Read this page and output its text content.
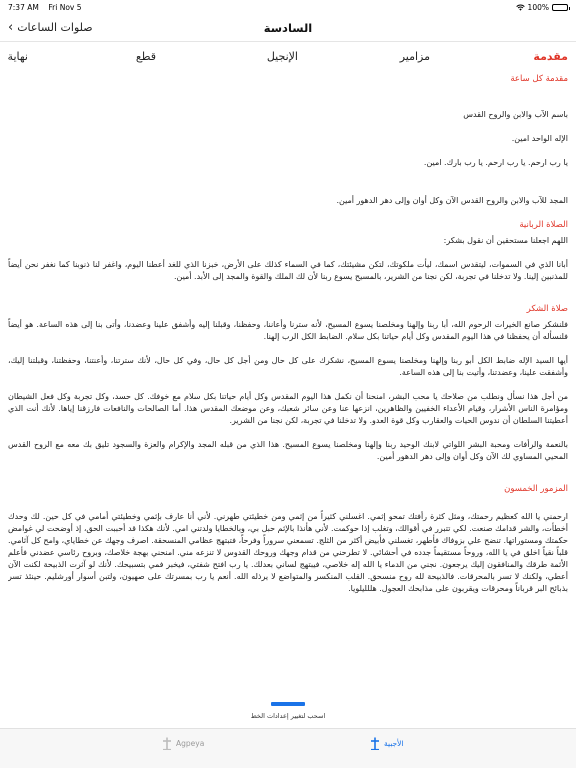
7:37 AM Fri Nov 5	100%
‹ صلوات الساعات	السادسة
مقدمة
مزامير
الإنجيل
قطع
نهاية
مقدمة كل ساعة

باسم الآب والابن والروح القدس

الإله الواحد امين.

يا رب ارحم. يا رب ارحم. يا رب بارك. امين.

المجد للآب والابن والروح القدس الآن وكل أوان وإلى دهر الدهور أمين.

الصلاة الربانية

اللهم اجعلنا مستحقين أن نقول بشكر:

أبانا الذي في السموات، ليتقدس اسمك، ليأت ملكوتك، لتكن مشيئتك، كما في السماء كذلك على الأرض، خبزنا الذي للغد أعطنا اليوم، واغفر لنا ذنوبنا كما نغفر نحن أيضاً للمذنبين إلينا. ولا تدخلنا في تجربة، لكن نجنا من الشرير، بالمسيح يسوع ربنا لأن لك الملك والقوة والمجد إلى الأبد. أمين.

صلاة الشكر

فلنشكر صانع الخيرات الرحوم الله، أبا ربنا وإلهنا ومخلصنا يسوع المسيح، لأنه سترنا وأعاننا، وحفظنا، وقبلنا إليه وأشفق علينا وعضدنا، وأتى بنا إلى هذه الساعة. هو أيضاً فلنسأله أن يحفظنا في هذا اليوم المقدس وكل أيام حياتنا بكل سلام. الضابط الكل الرب إلهنا.

أيها السيد الإله ضابط الكل أبو ربنا وإلهنا ومخلصنا يسوع المسيح، نشكرك على كل حال ومن أجل كل حال، وفي كل حال، لأنك سترتنا، وأعنتنا، وحفظتنا، وقبلتنا إليك، وأشفقت علينا، وعضدتنا، وأتيت بنا إلى هذه الساعة.

من أجل هذا نسأل ونطلب من صلاحك يا محب البشر، امنحنا أن نكمل هذا اليوم المقدس وكل أيام حياتنا بكل سلام مع خوفك. كل حسد، وكل تجربة وكل فعل الشيطان ومؤامرة الناس الأشرار، وقيام الأعداء الخفيين والظاهرين، انزعها عنا وعن سائر شعبك، وعن موضعك المقدس هذا. أما الصالحات والنافعات فارزقنا إياها. لأنك أنت الذي أعطيتنا السلطان أن ندوس الحيات والعقارب وكل قوة العدو. ولا تدخلنا في تجربة، لكن نجنا من الشرير.

بالنعمة والرأفات ومحبة البشر اللواتي لابنك الوحيد ربنا وإلهنا ومخلصنا يسوع المسيح. هذا الذي من قبله المجد والإكرام والعزة والسجود تليق بك معه مع الروح القدس المحيي المساوي لك الآن وكل أوان وإلى دهر الدهور أمين.

المزمور الخمسون

ارحمني يا الله كعظيم رحمتك، ومثل كثرة رأفتك تمحو إثمي. اغسلني كثيراً من إثمي ومن خطيئتي طهرني. لأني أنا عارف بإثمي وخطيئتي أمامي في كل حين. لك وحدك أخطأت، والشر قدامك صنعت. لكي تتبرر في أقوالك، وتغلب إذا حوكمت. لأني هأنذا بالإثم حبل بي، وبالخطايا ولدتني امي. لأنك هكذا قد أحببت الحق، إذ أوضحت لي غوامض حكمتك ومستوراتها. تنضح علي بزوفاك فأطهر، تغسلني فأبيض أكثر من الثلج. تسمعني سروراً وفرحاً، فتبتهج عظامي المنسحقة. اصرف وجهك عن خطاياي، وامح كل آثامي. قلباً نقياً اخلق في يا الله، وروحاً مستقيماً جدده في أحشائي. لا تطرحني من قدام وجهك وروحك القدوس لا تنزعه مني. امنحني بهجة خلاصك، وبروح رئاسي عضدني فأعلم الأثمة طرقك والمنافقون إليك يرجعون. نجني من الدماء يا الله إله خلاصي، فيبتهج لساني بعدلك. يا رب افتح شفتي، فيخبر فمي بتسبيحك. لأنك لو آثرت الذبيحة لكنت الآن أعطي، ولكنك لا تسر بالمحرقات. فالذبيحة لله روح منسحق. القلب المنكسر والمتواضع لا يرذله الله. أنعم يا رب بمسرتك على صهيون، ولتبن أسوار أورشليم. حينئذ تسر بذبائح البر قرباناً ومحرقات ويقربون على مذابحك العجول. هللليلويا.

اسحب لتغيير إعدادات الخط
Agpeya	الأجبية
